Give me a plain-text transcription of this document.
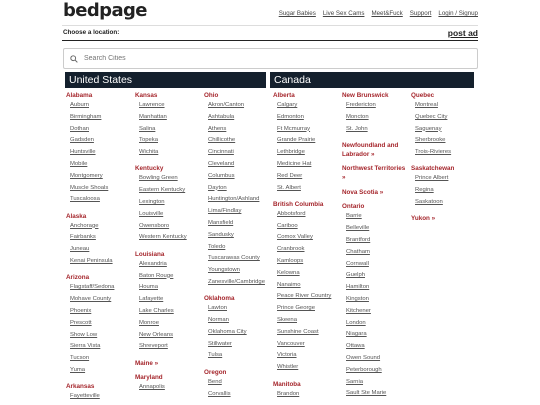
bedpage	Sugar Babies Live Sex Cams Meet&Fuck Support Login / Signup
Choose a location:	post ad
Search Cities
United States	Canada
Alabama
Auburn
Birmingham
Dothan
Gadsden
Huntsville
Mobile
Montgomery
Muscle Shoals
Tuscaloosa
Alaska
Anchorage
Fairbanks
Juneau
Kenai Peninsula
Arizona
Flagstaff/Sedona
Mohave County
Phoenix
Prescott
Show Low
Sierra Vista
Tucson
Yuma
Arkansas
Fayetteville
Kansas
Lawrence
Manhattan
Salina
Topeka
Wichita
Kentucky
Bowling Green
Eastern Kentucky
Lexington
Louisville
Owensboro
Western Kentucky
Louisiana
Alexandria
Baton Rouge
Houma
Lafayette
Lake Charles
Monroe
New Orleans
Shreveport
Maine »
Maryland
Annapolis
Ohio
Akron/Canton
Ashtabula
Athens
Chillicothe
Cincinnati
Cleveland
Columbus
Dayton
Huntington/Ashland
Lima/Findlay
Mansfield
Sandusky
Toledo
Tuscarawas County
Youngstown
Zanesville/Cambridge
Oklahoma
Lawton
Norman
Oklahoma City
Stillwater
Tulsa
Oregon
Bend
Corvallis
Alberta
Calgary
Edmonton
Ft Mcmurray
Grande Prairie
Lethbridge
Medicine Hat
Red Deer
St. Albert
British Columbia
Abbotsford
Cariboo
Comox Valley
Cranbrook
Kamloops
Kelowna
Nanaimo
Peace River Country
Prince George
Skeena
Sunshine Coast
Vancouver
Victoria
Whistler
Manitoba
Brandon
New Brunswick
Fredericton
Moncton
St. John
Newfoundland and Labrador »
Northwest Territories »
Nova Scotia »
Ontario
Barrie
Belleville
Brantford
Chatham
Cornwall
Guelph
Hamilton
Kingston
Kitchener
London
Niagara
Ottawa
Owen Sound
Peterborough
Sarnia
Sault Ste Marie
Quebec
Montreal
Quebec City
Saguenay
Sherbrooke
Trois-Rivieres
Saskatchewan
Prince Albert
Regina
Saskatoon
Yukon »
